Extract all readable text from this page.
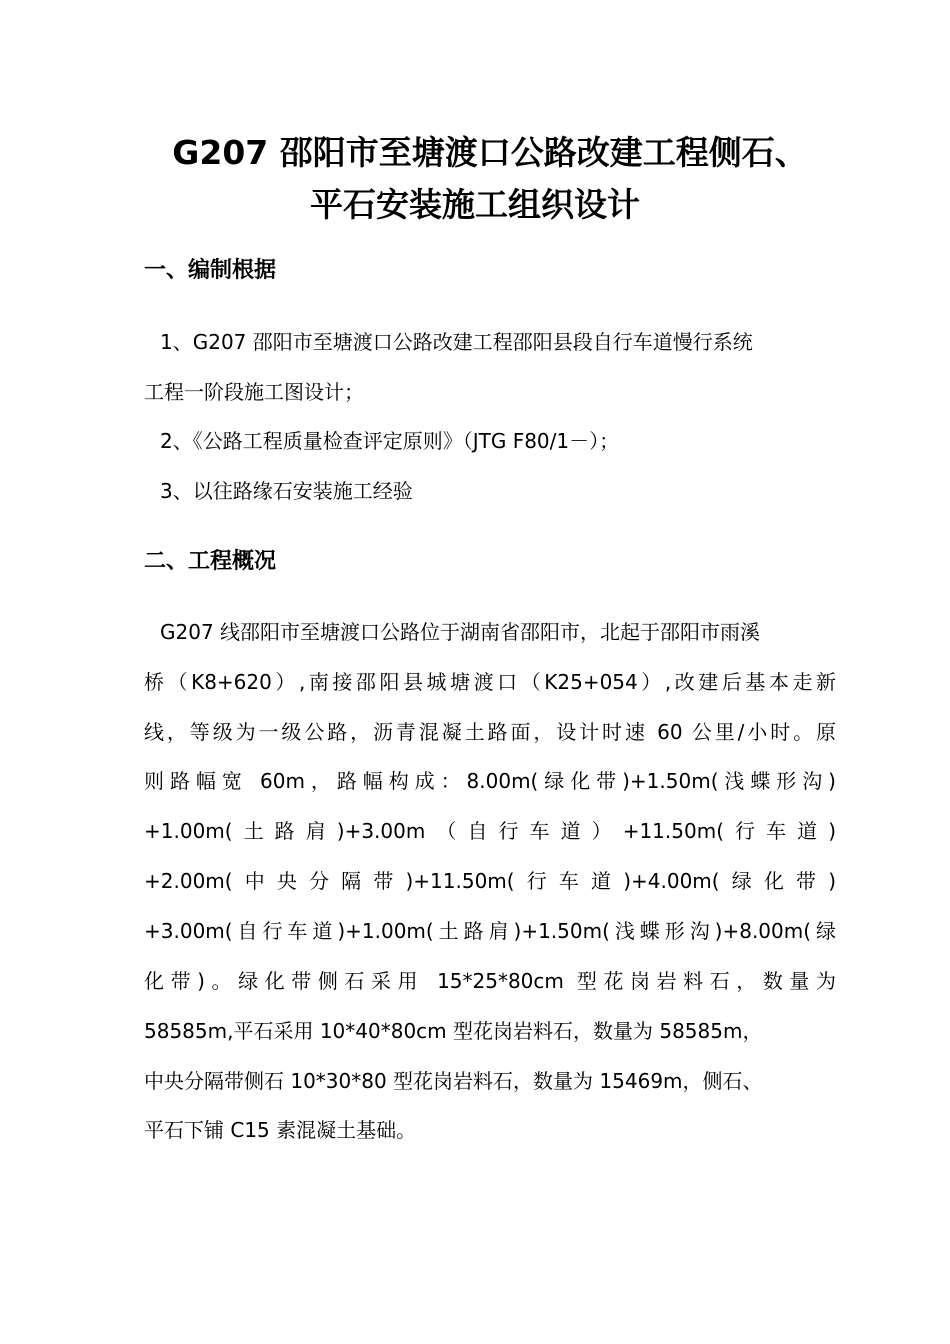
G207 邵阳市至塘渡口公路改建工程侧石、
平石安装施工组织设计
一、编制根据

1、G207 邵阳市至塘渡口公路改建工程邵阳县段自行车道慢行系统

工程一阶段施工图设计；

2、《公路工程质量检查评定原则》（JTG F80/1－）；

3、以往路缘石安装施工经验

二、工程概况

G207 线邵阳市至塘渡口公路位于湖南省邵阳市，北起于邵阳市雨溪

桥（K8+620）,南接邵阳县城塘渡口（K25+054）,改建后基本走新

线，等级为一级公路，沥青混凝土路面，设计时速 60 公里/小时。原

则路幅宽 60m，路幅构成：8.00m(绿化带)+1.50m(浅蝶形沟)

+1.00m(土路肩)+3.00m（自行车道）+11.50m(行车道)

+2.00m(中央分隔带)+11.50m(行车道)+4.00m(绿化带)

+3.00m(自行车道)+1.00m(土路肩)+1.50m(浅蝶形沟)+8.00m(绿

化带)。绿化带侧石采用 15*25*80cm 型花岗岩料石，数量为

58585m,平石采用 10*40*80cm 型花岗岩料石，数量为 58585m，

中央分隔带侧石 10*30*80 型花岗岩料石，数量为 15469m，侧石、

平石下铺 C15 素混凝土基础。
